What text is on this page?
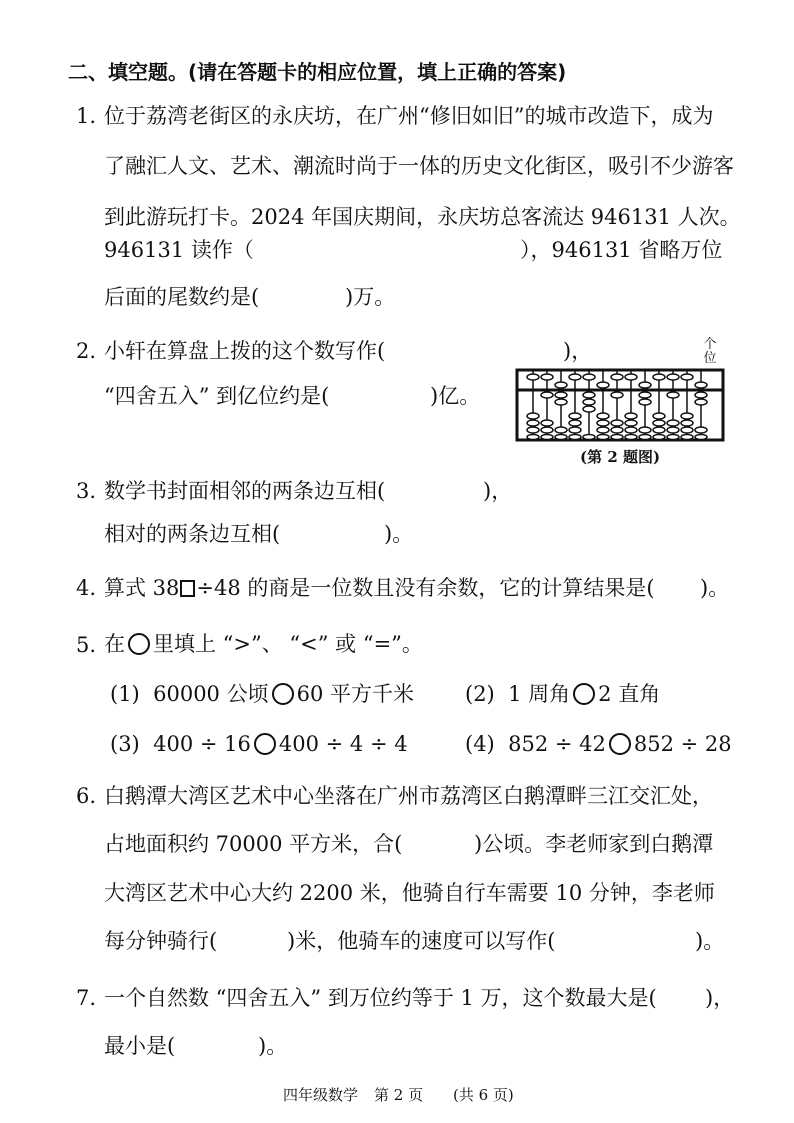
二、填空题。(请在答题卡的相应位置，填上正确的答案)
1. 位于荔湾老街区的永庆坊，在广州“修旧如旧”的城市改造下，成为
了融汇人文、艺术、潮流时尚于一体的历史文化街区，吸引不少游客
到此游玩打卡。2024 年国庆期间，永庆坊总客流达 946131 人次。
946131 读作（	），946131 省略万位
后面的尾数约是(	)万。
2. 小轩在算盘上拨的这个数写作(	)，
“四舍五入” 到亿位约是(	)亿。
个位
(第 2 题图)
3. 数学书封面相邻的两条边互相(	)，
相对的两条边互相(	)。
4. 算式 38 ÷48 的商是一位数且没有余数，它的计算结果是( )。
5. 在 里填上 “>”、 “<” 或 “=”。
(1) 60000 公顷 60 平方千米 (2) 1 周角 2 直角
(3) 400 ÷ 16 400 ÷ 4 ÷ 4	(4) 852 ÷ 42 852 ÷ 28
6. 白鹅潭大湾区艺术中心坐落在广州市荔湾区白鹅潭畔三江交汇处，
占地面积约 70000 平方米，合(	)公顷。李老师家到白鹅潭
大湾区艺术中心大约 2200 米，他骑自行车需要 10 分钟，李老师
每分钟骑行(	)米，他骑车的速度可以写作(	)。
7. 一个自然数 “四舍五入” 到万位约等于 1 万，这个数最大是( )，
最小是(	)。
四年级数学 第 2 页 (共 6 页)
